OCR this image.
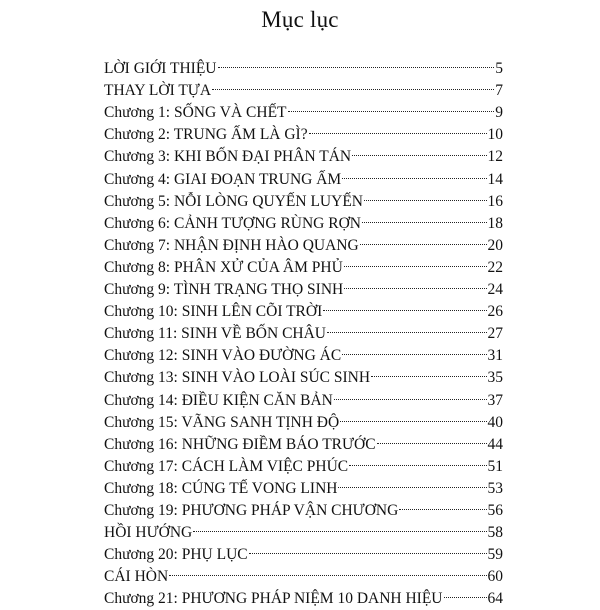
Mục lục
LỜI GIỚI THIỆU	5
THAY LỜI TỰA	7
Chương 1: SỐNG VÀ CHẾT	9
Chương 2: TRUNG ẤM LÀ GÌ?	10
Chương 3: KHI BỐN ĐẠI PHÂN TÁN	12
Chương 4: GIAI ĐOẠN TRUNG ẤM	14
Chương 5: NỖI LÒNG QUYẾN LUYẾN	16
Chương 6: CẢNH TƯỢNG RÙNG RỢN	18
Chương 7: NHẬN ĐỊNH HÀO QUANG	20
Chương 8: PHÂN XỬ CỦA ÂM PHỦ	22
Chương 9: TÌNH TRẠNG THỌ SINH	24
Chương 10: SINH LÊN CÕI TRỜI	26
Chương 11: SINH VỀ BỐN CHÂU	27
Chương 12: SINH VÀO ĐƯỜNG ÁC	31
Chương 13: SINH VÀO LOÀI SÚC SINH	35
Chương 14: ĐIỀU KIỆN CĂN BẢN	37
Chương 15: VÃNG SANH TỊNH ĐỘ	40
Chương 16: NHỮNG ĐIỀM BÁO TRƯỚC	44
Chương 17: CÁCH LÀM VIỆC PHÚC	51
Chương 18: CÚNG TẾ VONG LINH	53
Chương 19: PHƯƠNG PHÁP VẬN CHƯƠNG	56
HỒI HƯỚNG	58
Chương 20: PHỤ LỤC	59
CÁI HÒN	60
Chương 21: PHƯƠNG PHÁP NIỆM 10 DANH HIỆU	64
